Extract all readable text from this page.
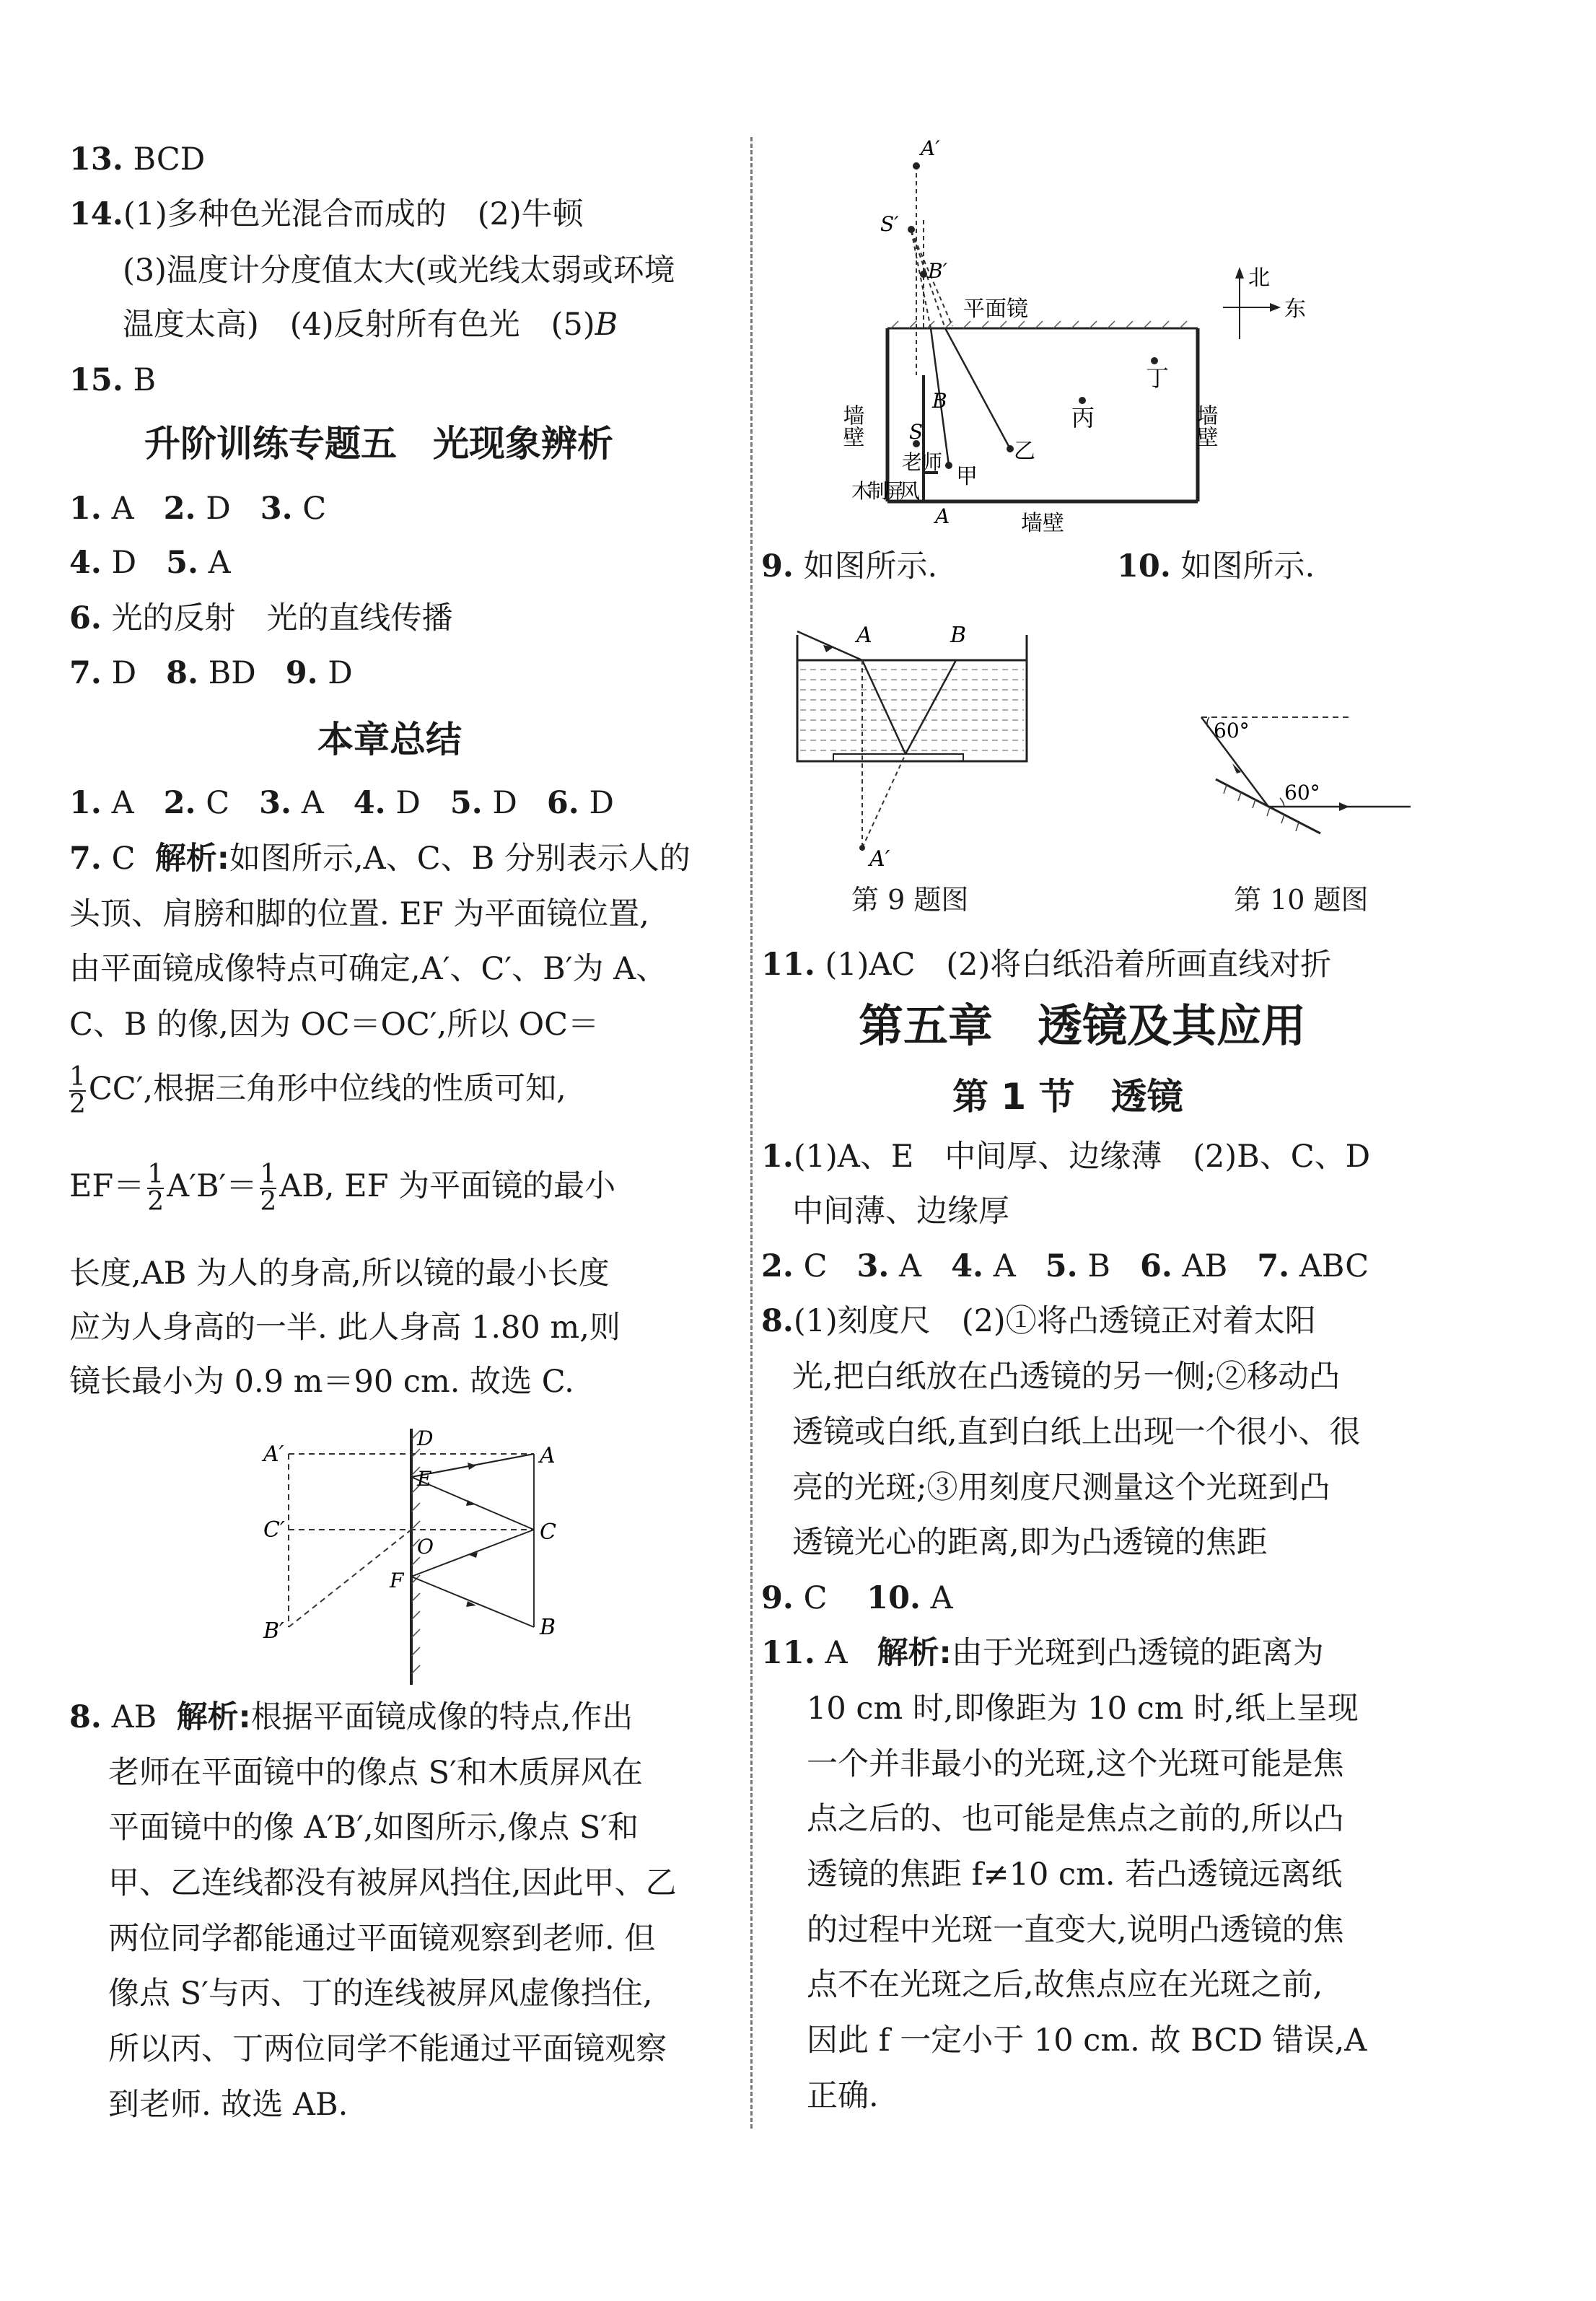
13. BCD
14.(1)多种色光混合而成的　(2)牛顿
(3)温度计分度值太大(或光线太弱或环境
温度太高)　(4)反射所有色光　(5)B
15. B
升阶训练专题五　光现象辨析
1. A 2. D 3. C
4. D 5. A
6. 光的反射　光的直线传播
7. D 8. BD 9. D
本章总结
1. A 2. C 3. A 4. D 5. D 6. D
7. C 解析:如图所示,A、C、B 分别表示人的
头顶、肩膀和脚的位置. EF 为平面镜位置,
由平面镜成像特点可确定,A′、C′、B′为 A、
C、B 的像,因为 OC＝OC′,所以 OC＝
$\frac{1}{2} CC'$,根据三角形中位线的性质可知,
$EF= \frac{1}{2} A'B'= \frac{1}{2}$ AB, EF 为平面镜的最小
长度,AB 为人的身高,所以镜的最小长度
应为人身高的一半. 此人身高 1.80 m,则
镜长最小为 0.9 m＝90 cm. 故选 C.
A′
C′
B′
D
E
O
F
A
C
B
8. AB 解析:根据平面镜成像的特点,作出
老师在平面镜中的像点 S′和木质屏风在
平面镜中的像 A′B′,如图所示,像点 S′和
甲、乙连线都没有被屏风挡住,因此甲、乙
两位同学都能通过平面镜观察到老师. 但
像点 S′与丙、丁的连线被屏风虚像挡住,
所以丙、丁两位同学不能通过平面镜观察
到老师. 故选 AB.
A′
S′
B′
平面镜
北
东
丁
丙
墙壁	墙壁
墙壁
B
S
老师
甲
乙
木制屏风
A
9. 如图所示.	10. 如图所示.
A	B
A′
第 9 题图
60°
60°
第 10 题图
11. (1)AC　(2)将白纸沿着所画直线对折
第五章　透镜及其应用
第 1 节　透镜
1.(1)A、E　中间厚、边缘薄　(2)B、C、D
中间薄、边缘厚
2. C 3. A 4. A 5. B 6. AB 7. ABC
8.(1)刻度尺　(2)①将凸透镜正对着太阳
光,把白纸放在凸透镜的另一侧;②移动凸
透镜或白纸,直到白纸上出现一个很小、很
亮的光斑;③用刻度尺测量这个光斑到凸
透镜光心的距离,即为凸透镜的焦距
9. C 10. A
11. A 解析:由于光斑到凸透镜的距离为
10 cm 时,即像距为 10 cm 时,纸上呈现
一个并非最小的光斑,这个光斑可能是焦
点之后的、也可能是焦点之前的,所以凸
透镜的焦距 f≠10 cm. 若凸透镜远离纸
的过程中光斑一直变大,说明凸透镜的焦
点不在光斑之后,故焦点应在光斑之前,
因此 f 一定小于 10 cm. 故 BCD 错误,A
正确.
